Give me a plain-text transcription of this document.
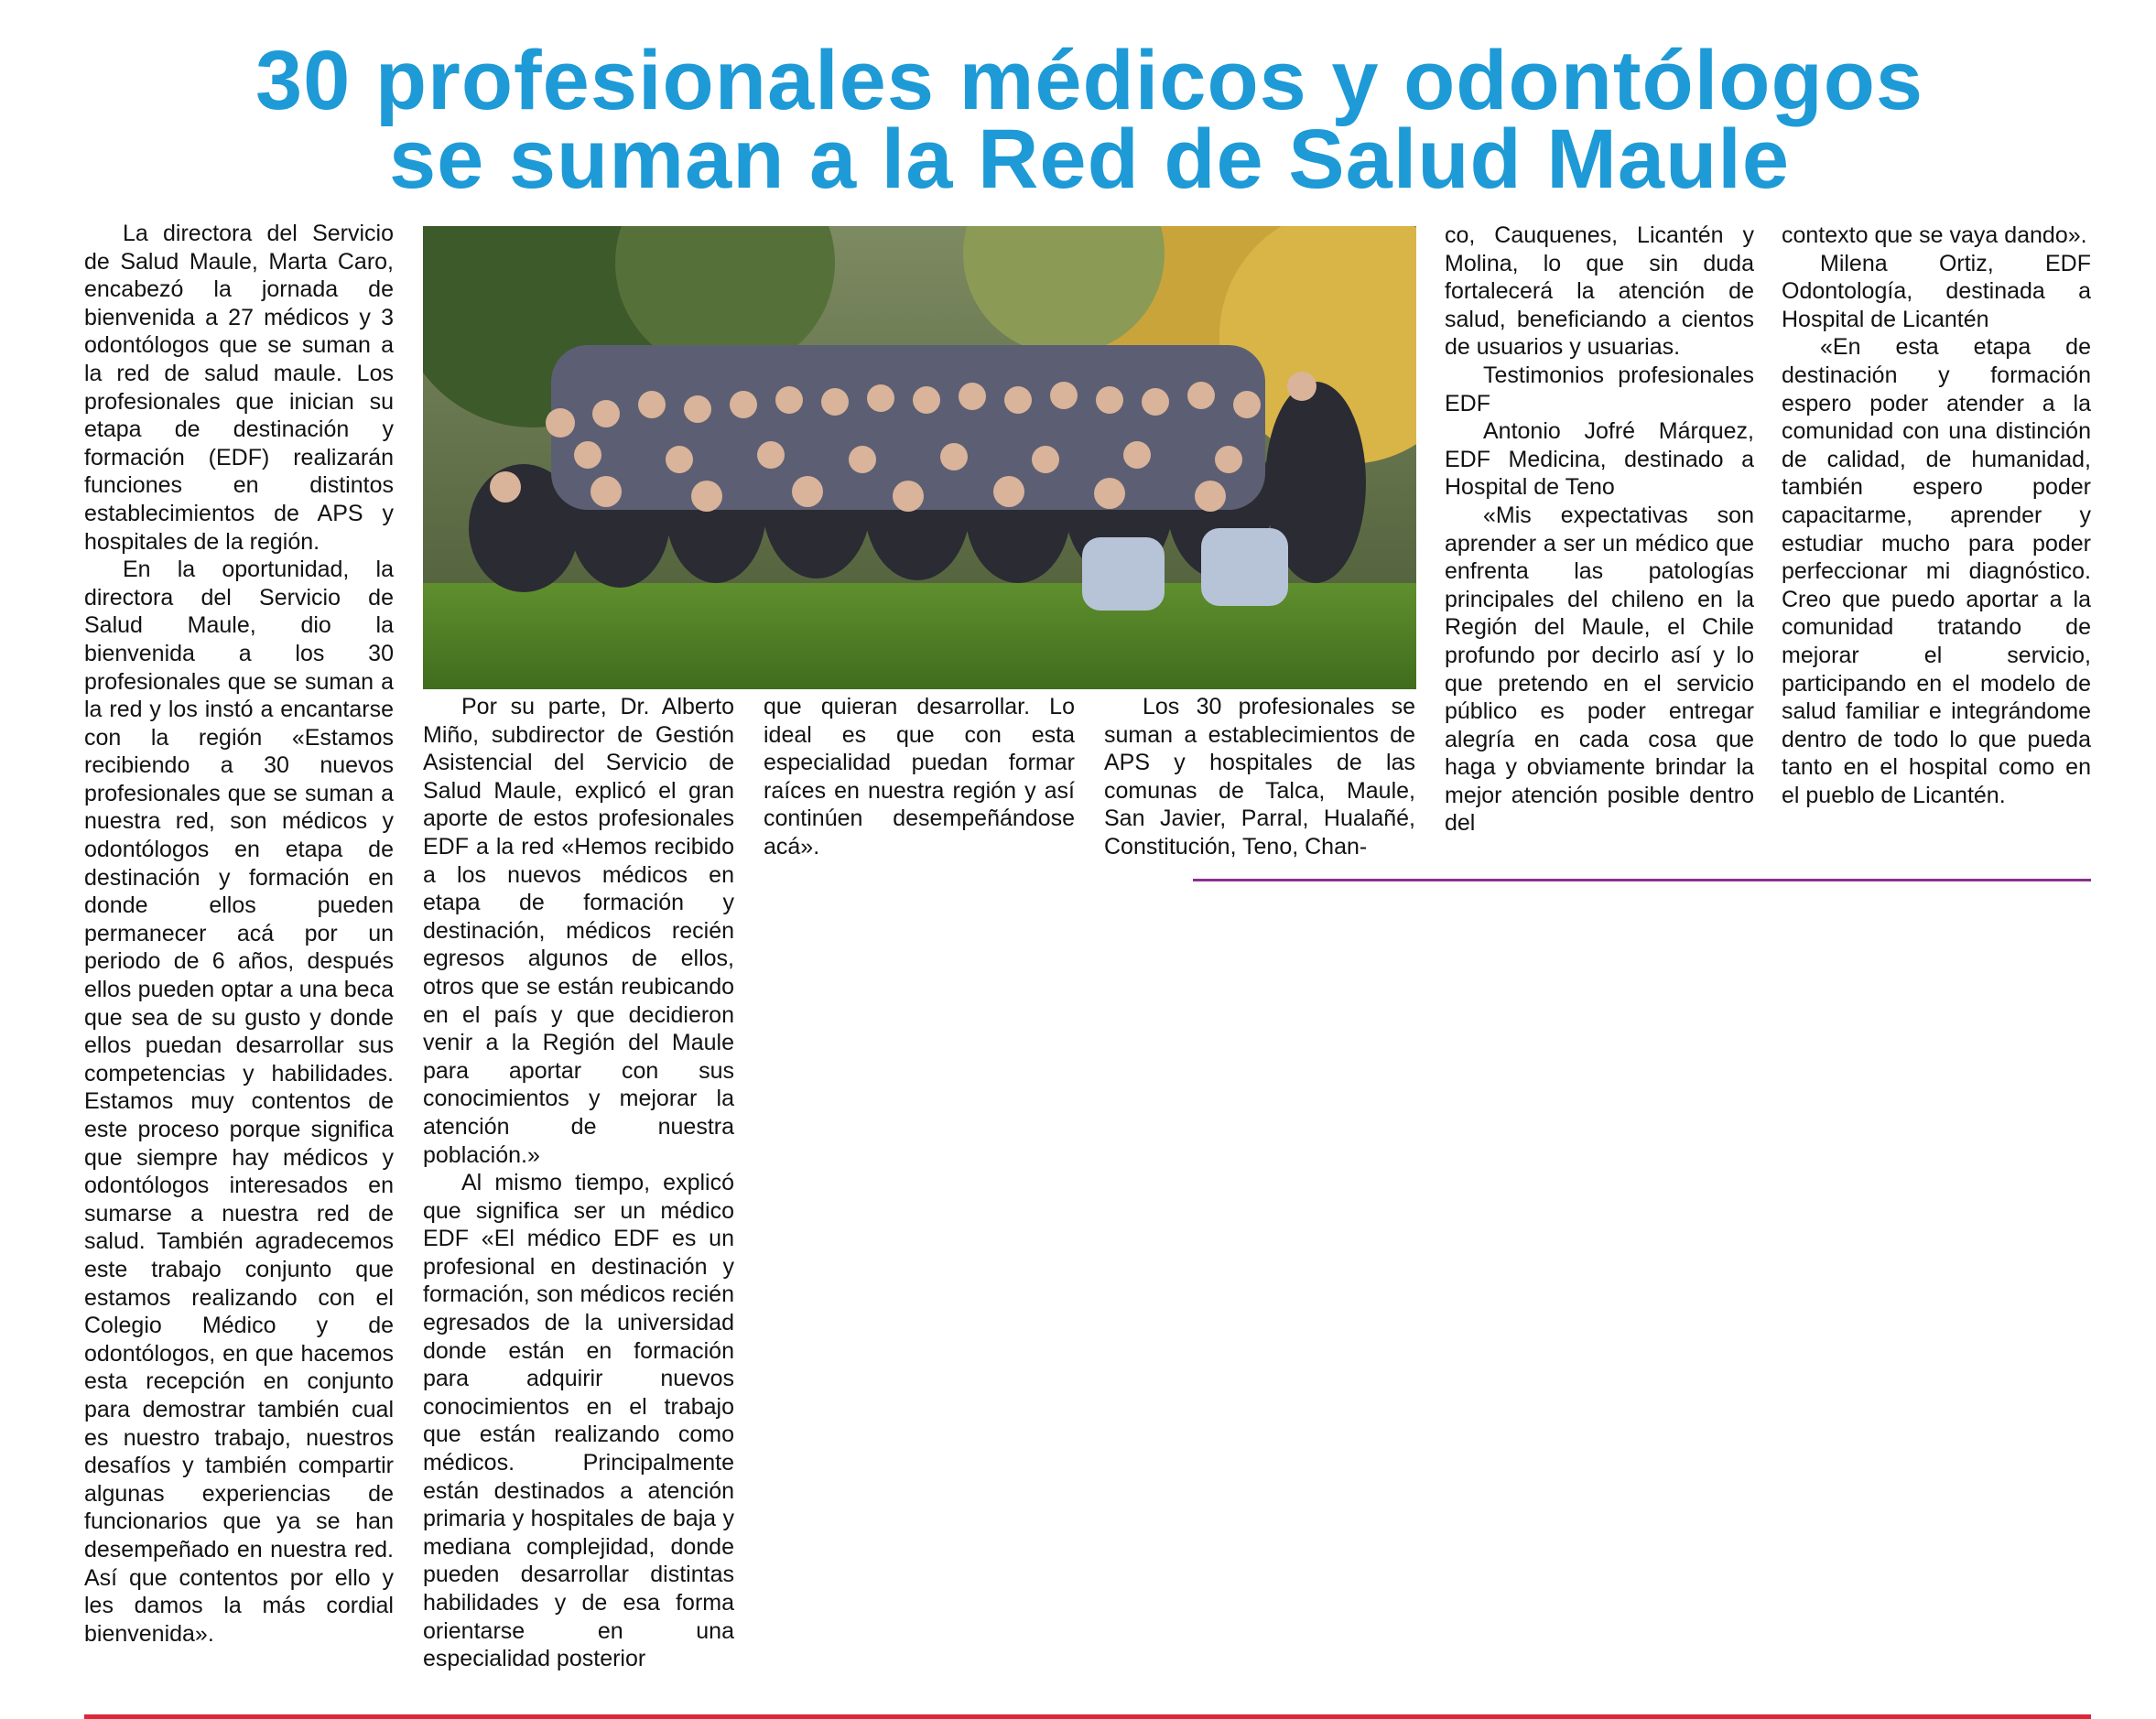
30 profesionales médicos y odontólogos
se suman a la Red de Salud Maule

La directora del Servicio de Salud Maule, Marta Caro, encabezó la jornada de bienvenida a 27 médicos y 3 odontólogos que se suman a la red de salud maule. Los profesionales que inician su etapa de destinación y formación (EDF) realizarán funciones en distintos establecimientos de APS y hospitales de la región.

En la oportunidad, la directora del Servicio de Salud Maule, dio la bienvenida a los 30 profesionales que se suman a la red y los instó a encantarse con la región «Estamos recibiendo a 30 nuevos profesionales que se suman a nuestra red, son médicos y odontólogos en etapa de destinación y formación en donde ellos pueden permanecer acá por un periodo de 6 años, después ellos pueden optar a una beca que sea de su gusto y donde ellos puedan desarrollar sus competencias y habilidades. Estamos muy contentos de este proceso porque significa que siempre hay médicos y odontólogos interesados en sumarse a nuestra red de salud. También agradecemos este trabajo conjunto que estamos realizando con el Colegio Médico y de odontólogos, en que hacemos esta recepción en conjunto para demostrar también cual es nuestro trabajo, nuestros desafíos y también compartir algunas experiencias de funcionarios que ya se han desempeñado en nuestra red. Así que contentos por ello y les damos la más cordial bienvenida».

Por su parte, Dr. Alberto Miño, subdirector de Gestión Asistencial del Servicio de Salud Maule, explicó el gran aporte de estos profesionales EDF a la red «Hemos recibido a los nuevos médicos en etapa de formación y destinación, médicos recién egresos algunos de ellos, otros que se están reubicando en el país y que decidieron venir a la Región del Maule para aportar con sus conocimientos y mejorar la atención de nuestra población.»

Al mismo tiempo, explicó que significa ser un médico EDF «El médico EDF es un profesional en destinación y formación, son médicos recién egresados de la universidad donde están en formación para adquirir nuevos conocimientos en el trabajo que están realizando como médicos. Principalmente están destinados a atención primaria y hospitales de baja y mediana complejidad, donde pueden desarrollar distintas habilidades y de esa forma orientarse en una especialidad posterior

que quieran desarrollar. Lo ideal es que con esta especialidad puedan formar raíces en nuestra región y así continúen desempeñándose acá».

Los 30 profesionales se suman a establecimientos de APS y hospitales de las comunas de Talca, Maule, San Javier, Parral, Hualañé, Constitución, Teno, Chan-

co, Cauquenes, Licantén y Molina, lo que sin duda fortalecerá la atención de salud, beneficiando a cientos de usuarios y usuarias.

Testimonios profesionales EDF

Antonio Jofré Márquez, EDF Medicina, destinado a Hospital de Teno

«Mis expectativas son aprender a ser un médico que enfrenta las patologías principales del chileno en la Región del Maule, el Chile profundo por decirlo así y lo que pretendo en el servicio público es poder entregar alegría en cada cosa que haga y obviamente brindar la mejor atención posible dentro del

contexto que se vaya dando».

Milena Ortiz, EDF Odontología, destinada a Hospital de Licantén

«En esta etapa de destinación y formación espero poder atender a la comunidad con una distinción de calidad, de humanidad, también espero poder capacitarme, aprender y estudiar mucho para poder perfeccionar mi diagnóstico. Creo que puedo aportar a la comunidad tratando de mejorar el servicio, participando en el modelo de salud familiar e integrándome dentro de todo lo que pueda tanto en el hospital como en el pueblo de Licantén.
